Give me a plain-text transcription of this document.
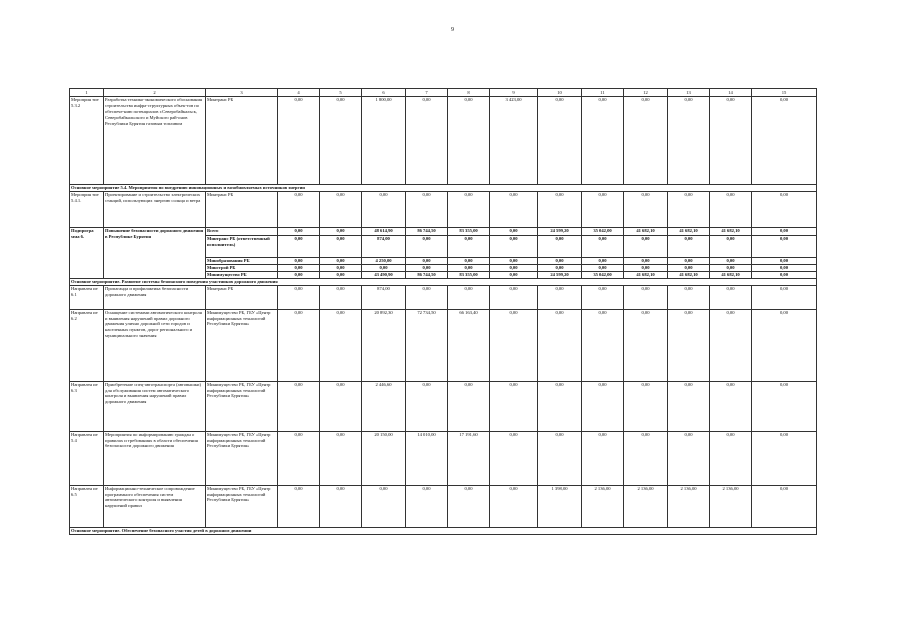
9
1	2	3	4	5	6	7	8	9	10	11	12	13	14	15
Мероприя тие 5.3.2	Разработка технико-экономического обоснования строительства инфра-структурных объек-тов по обеспече-нию потенциалов г.Северобайкальск, Северобайкальского и Муйского рай-онов Республики Бурятия газовым топливом	Минтранс РБ	0,00	0,00	1 800,00	0,00	0,00	3 423,00	0,00	0,00	0,00	0,00	0,00	0,00
Основное мероприятие 5.4. Мероприятия по внедрению инновационных и возобновляемых источников энергии														
Мероприя тие 5.4.1.	Проектирование и строительство электрических станций, использующих энергию солнца и ветра	Минтранс РБ	0,00	0,00	0,00	0,00	0,00	0,00	0,00	0,00	0,00	0,00	0,00	0,00
Подпрогра мма 6.	Повышение безопасности дорожного движения в Республике Бурятия	Всего	0,00	0,00	48 614,90	86 744,50	83 355,00	0,00	24 599,20	35 042,00	41 682,10	41 682,10	41 682,10	0,00
		Минтранс РБ (ответственный исполнитель)	0,00	0,00	874,00	0,00	0,00	0,00	0,00	0,00	0,00	0,00	0,00	0,00
		Минобразования РБ	0,00	0,00	4 250,00	0,00	0,00	0,00	0,00	0,00	0,00	0,00	0,00	0,00
		Минстрой РБ	0,00	0,00	0,00	0,00	0,00	0,00	0,00	0,00	0,00	0,00	0,00	0,00
		Минимущество РБ	0,00	0,00	43 490,90	86 744,50	83 355,00	0,00	24 599,20	35 042,00	41 682,10	41 682,10	41 682,10	0,00
Основное мероприятие. Развитие системы безопасного поведения участников дорожного движения														
Направлен ие 6.1	Пропаганда и профилактика безопасности дорожного движения	Минтранс РБ	0,00	0,00	874,00	0,00	0,00	0,00	0,00	0,00	0,00	0,00	0,00	0,00
Направлен ие 6.2	Оснащение системами автоматического контроля и выявления нарушений правил дорожного движения улично дорожной сети городов и населенных пунктов, дорог регионального и муниципального значения	Минимущество РБ, ГБУ «Центр информационных технологий Республики Бурятия»	0,00	0,00	20 892,30	72 734,50	66 163,40	0,00	0,00	0,00	0,00	0,00	0,00	0,00
Направлен ие 6.3	Приобретение спец-автотранспорта (автовышки) для обслуживания систем автоматического контроля и выявления нарушений правил дорожного движения	Минимущество РБ, ГБУ «Центр информационных технологий Республики Бурятия»	0,00	0,00	2 446,60	0,00	0,00	0,00	0,00	0,00	0,00	0,00	0,00	0,00
Направлен ие 5.4	Мероприятия по информированию граждан о правилах и требованиях в области обеспечения безопасности дорожного движения	Минимущество РБ, ГБУ «Центр информационных технологий Республики Бурятия»	0,00	0,00	20 150,00	14 010,00	17 191,60	0,00	0,00	0,00	0,00	0,00	0,00	0,00
Направлен ие 6.5	Информационно-техническое сопровождение программного обеспечения систем автоматического контроля и выявления нарушений правил	Минимущество РБ, ГБУ «Центр информационных технологий Республики Бурятия»	0,00	0,00	0,00	0,00	0,00	0,00	1 398,00	2 136,00	2 136,00	2 136,00	2 136,00	0,00
Основное мероприятие. Обеспечение безопасного участия детей в дорожном движении														
